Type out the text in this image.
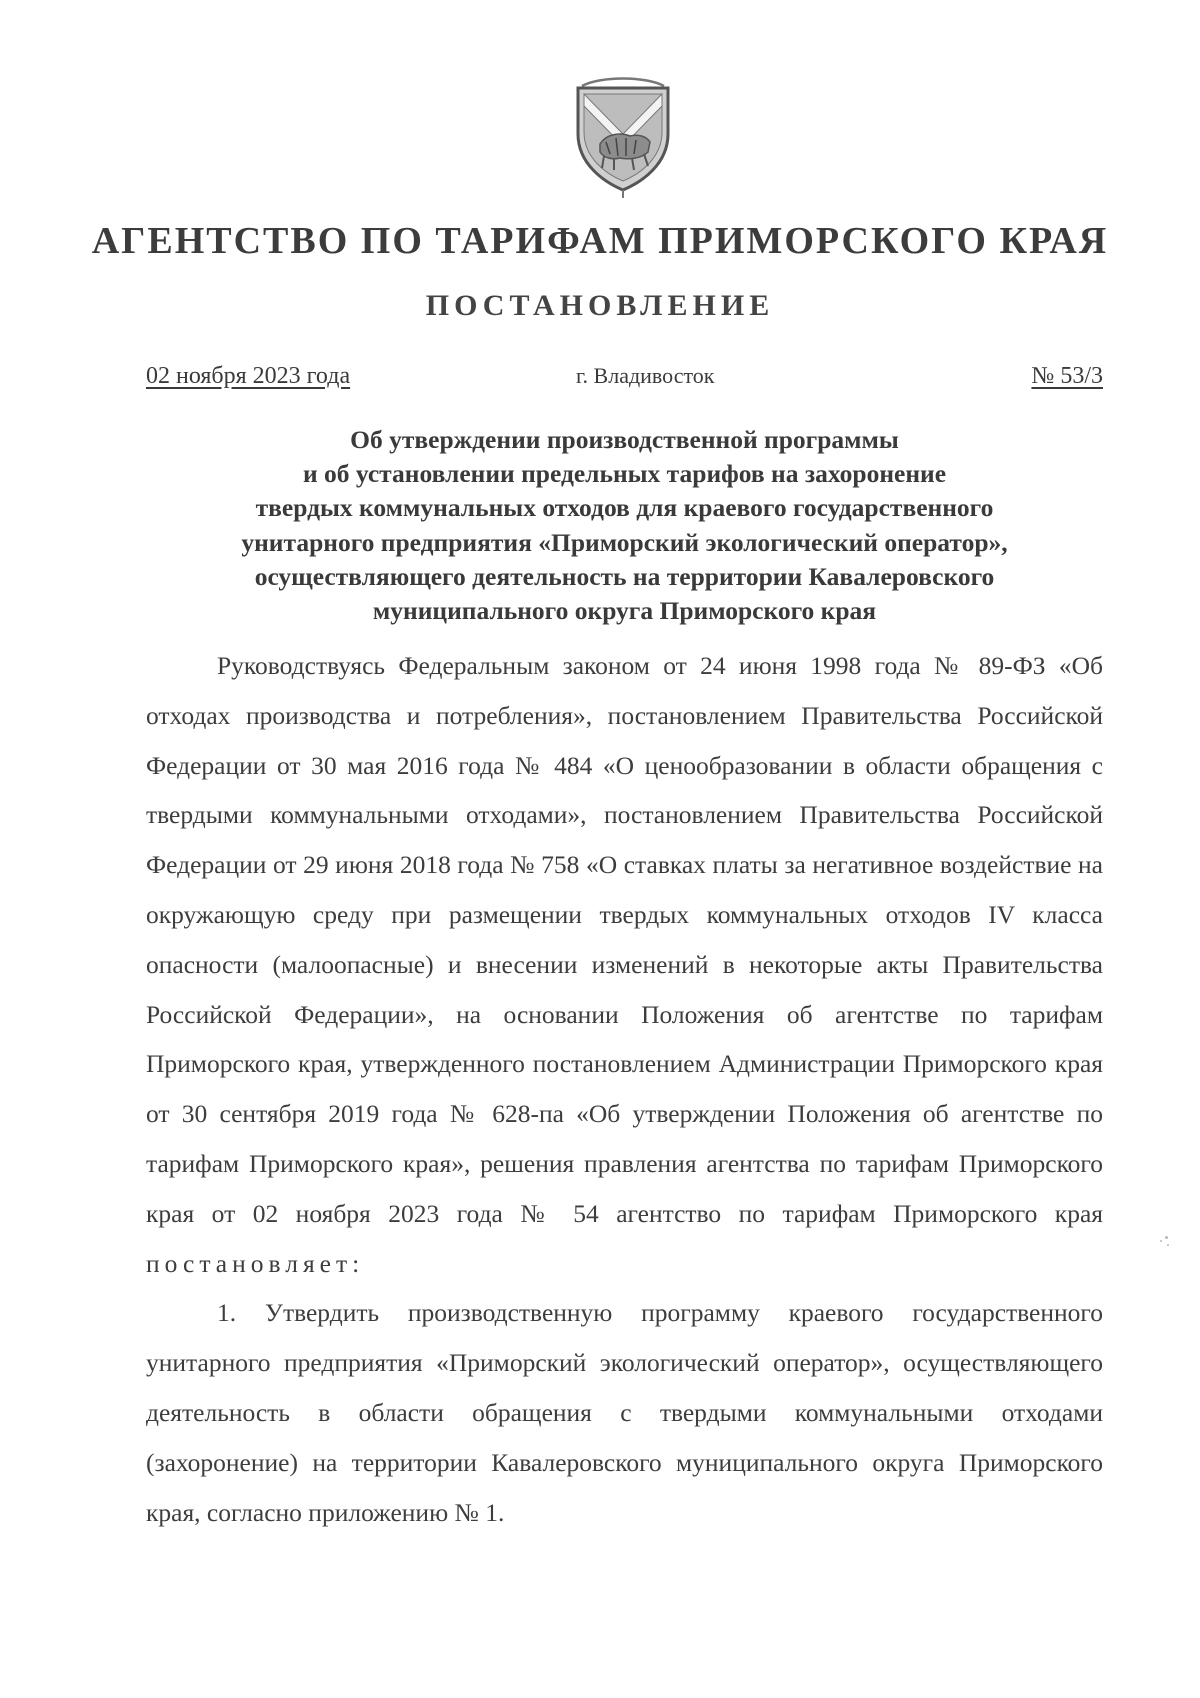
АГЕНТСТВО ПО ТАРИФАМ ПРИМОРСКОГО КРАЯ
ПОСТАНОВЛЕНИЕ
02 ноября 2023 года	г. Владивосток	№ 53/3
Об утверждении производственной программы
и об установлении предельных тарифов на захоронение
твердых коммунальных отходов для краевого государственного
унитарного предприятия «Приморский экологический оператор»,
осуществляющего деятельность на территории Кавалеровского
муниципального округа Приморского края

Руководствуясь Федеральным законом от 24 июня 1998 года № 89-ФЗ «Об отходах производства и потребления», постановлением Правительства Российской Федерации от 30 мая 2016 года № 484 «О ценообразовании в области обращения с твердыми коммунальными отходами», постановлением Правительства Российской Федерации от 29 июня 2018 года № 758 «О ставках платы за негативное воздействие на окружающую среду при размещении твердых коммунальных отходов IV класса опасности (малоопасные) и внесении изменений в некоторые акты Правительства Российской Федерации», на основании Положения об агентстве по тарифам Приморского края, утвержденного постановлением Администрации Приморского края от 30 сентября 2019 года № 628-па «Об утверждении Положения об агентстве по тарифам Приморского края», решения правления агентства по тарифам Приморского края от 02 ноября 2023 года № 54 агентство по тарифам Приморского края постановляет:

1. Утвердить производственную программу краевого государственного унитарного предприятия «Приморский экологический оператор», осуществляющего деятельность в области обращения с твердыми коммунальными отходами (захоронение) на территории Кавалеровского муниципального округа Приморского края, согласно приложению № 1.
